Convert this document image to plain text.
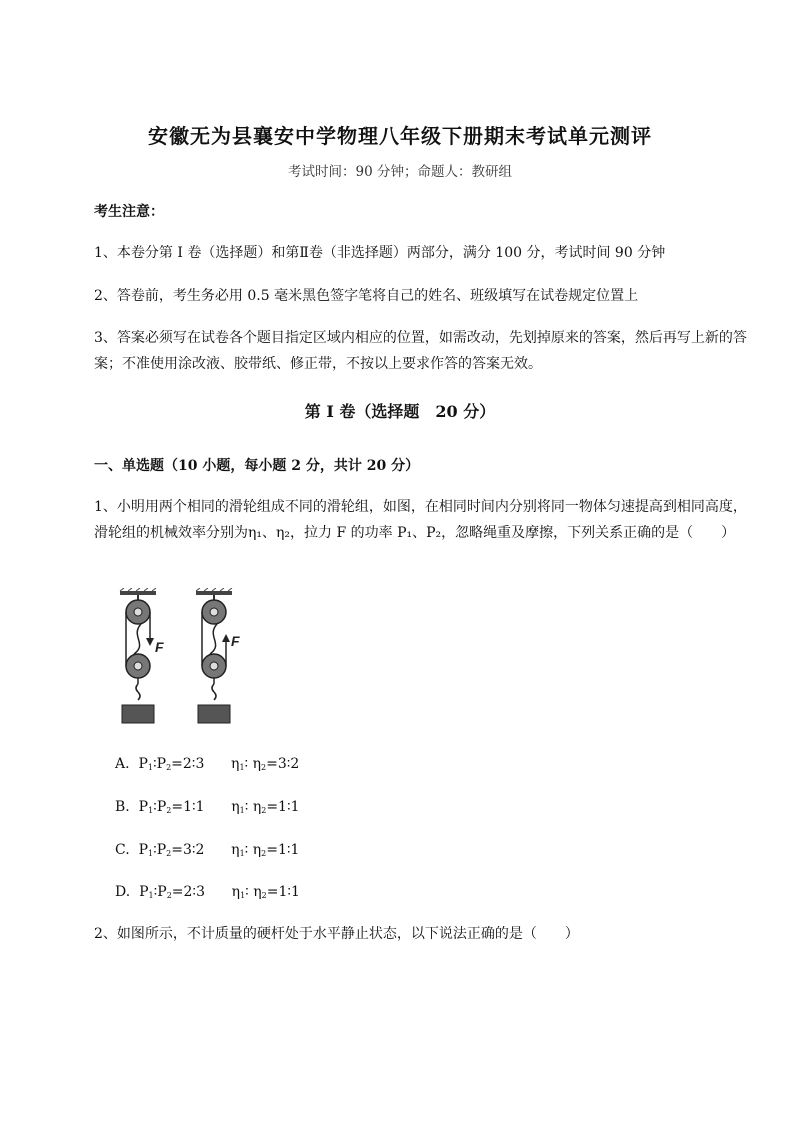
安徽无为县襄安中学物理八年级下册期末考试单元测评
考试时间：90 分钟；命题人：教研组
考生注意：
1、本卷分第 I 卷（选择题）和第Ⅱ卷（非选择题）两部分，满分 100 分，考试时间 90 分钟
2、答卷前，考生务必用 0.5 毫米黑色签字笔将自己的姓名、班级填写在试卷规定位置上
3、答案必须写在试卷各个题目指定区域内相应的位置，如需改动，先划掉原来的答案，然后再写上新的答案；不准使用涂改液、胶带纸、修正带，不按以上要求作答的答案无效。
第 I 卷（选择题　20 分）
一、单选题（10 小题，每小题 2 分，共计 20 分）
1、小明用两个相同的滑轮组成不同的滑轮组，如图，在相同时间内分别将同一物体匀速提高到相同高度，滑轮组的机械效率分别为η₁、η₂，拉力 F 的功率 P₁、P₂，忽略绳重及摩擦，下列关系正确的是（　　）
F	F
A.  $P_1∶P_2=2∶3$      $\eta_1∶$ $\eta_2=3∶2$
B.  $P_1∶P_2=1∶1$      $\eta_1∶$ $\eta_2=1∶1$
C.  $P_1∶P_2=3∶2$      $\eta_1∶$ $\eta_2=1∶1$
D.  $P_1∶P_2=2∶3$      $\eta_1∶$ $\eta_2=1∶1$
2、如图所示，不计质量的硬杆处于水平静止状态，以下说法正确的是（　　）
